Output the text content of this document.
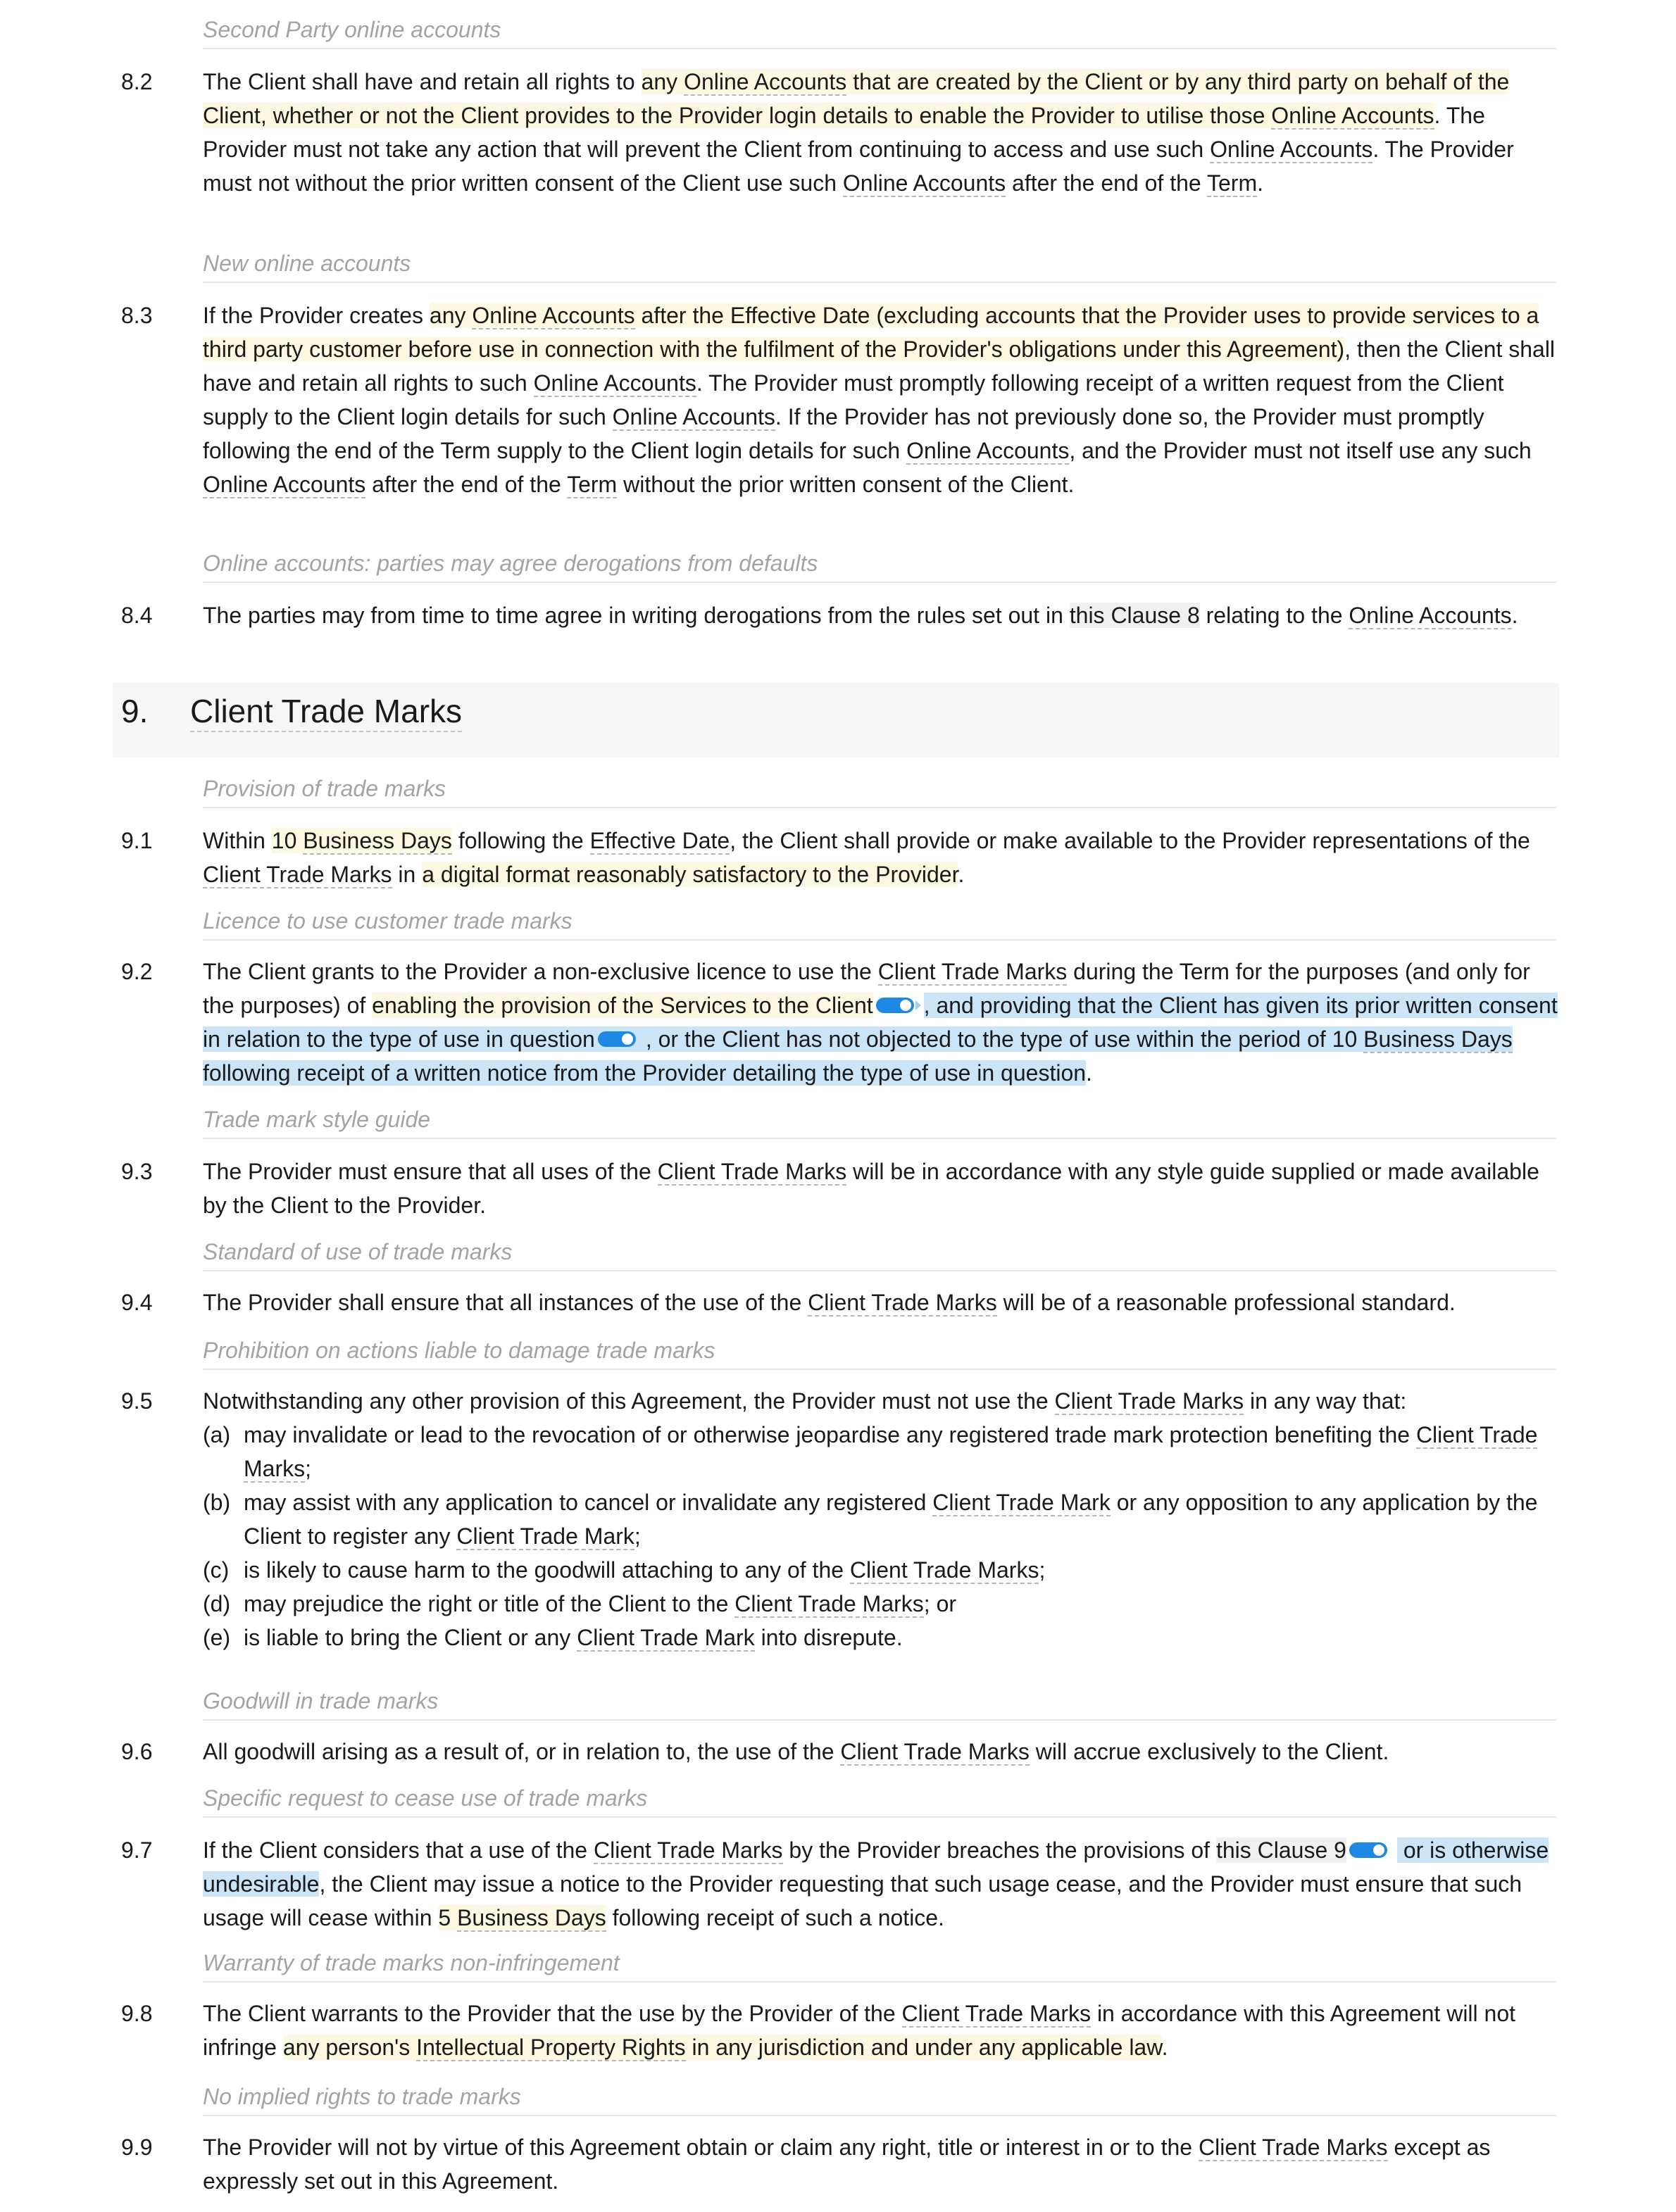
Second Party online accounts
8.2	The Client shall have and retain all rights to any Online Accounts that are created by the Client or by any third party on behalf of the Client, whether or not the Client provides to the Provider login details to enable the Provider to utilise those Online Accounts. The Provider must not take any action that will prevent the Client from continuing to access and use such Online Accounts. The Provider must not without the prior written consent of the Client use such Online Accounts after the end of the Term.
New online accounts
8.3	If the Provider creates any Online Accounts after the Effective Date (excluding accounts that the Provider uses to provide services to a third party customer before use in connection with the fulfilment of the Provider's obligations under this Agreement), then the Client shall have and retain all rights to such Online Accounts. The Provider must promptly following receipt of a written request from the Client supply to the Client login details for such Online Accounts. If the Provider has not previously done so, the Provider must promptly following the end of the Term supply to the Client login details for such Online Accounts, and the Provider must not itself use any such Online Accounts after the end of the Term without the prior written consent of the Client.
Online accounts: parties may agree derogations from defaults
8.4	The parties may from time to time agree in writing derogations from the rules set out in this Clause 8 relating to the Online Accounts.
9. Client Trade Marks
Provision of trade marks
9.1	Within 10 Business Days following the Effective Date, the Client shall provide or make available to the Provider representations of the Client Trade Marks in a digital format reasonably satisfactory to the Provider.
Licence to use customer trade marks
9.2	The Client grants to the Provider a non-exclusive licence to use the Client Trade Marks during the Term for the purposes (and only for the purposes) of enabling the provision of the Services to the Client , and providing that the Client has given its prior written consent in relation to the type of use in question , or the Client has not objected to the type of use within the period of 10 Business Days following receipt of a written notice from the Provider detailing the type of use in question.
Trade mark style guide
9.3	The Provider must ensure that all uses of the Client Trade Marks will be in accordance with any style guide supplied or made available by the Client to the Provider.
Standard of use of trade marks
9.4	The Provider shall ensure that all instances of the use of the Client Trade Marks will be of a reasonable professional standard.
Prohibition on actions liable to damage trade marks
9.5	Notwithstanding any other provision of this Agreement, the Provider must not use the Client Trade Marks in any way that:
(a) may invalidate or lead to the revocation of or otherwise jeopardise any registered trade mark protection benefiting the Client Trade Marks;
(b) may assist with any application to cancel or invalidate any registered Client Trade Mark or any opposition to any application by the Client to register any Client Trade Mark;
(c) is likely to cause harm to the goodwill attaching to any of the Client Trade Marks;
(d) may prejudice the right or title of the Client to the Client Trade Marks; or
(e) is liable to bring the Client or any Client Trade Mark into disrepute.
Goodwill in trade marks
9.6	All goodwill arising as a result of, or in relation to, the use of the Client Trade Marks will accrue exclusively to the Client.
Specific request to cease use of trade marks
9.7	If the Client considers that a use of the Client Trade Marks by the Provider breaches the provisions of this Clause 9
or is otherwise undesirable, the Client may issue a notice to the Provider requesting that such usage cease, and the Provider must ensure that such usage will cease within 5 Business Days following receipt of such a notice.
Warranty of trade marks non-infringement
9.8	The Client warrants to the Provider that the use by the Provider of the Client Trade Marks in accordance with this Agreement will not infringe any person's Intellectual Property Rights in any jurisdiction and under any applicable law.
No implied rights to trade marks
9.9	The Provider will not by virtue of this Agreement obtain or claim any right, title or interest in or to the Client Trade Marks except as expressly set out in this Agreement.
